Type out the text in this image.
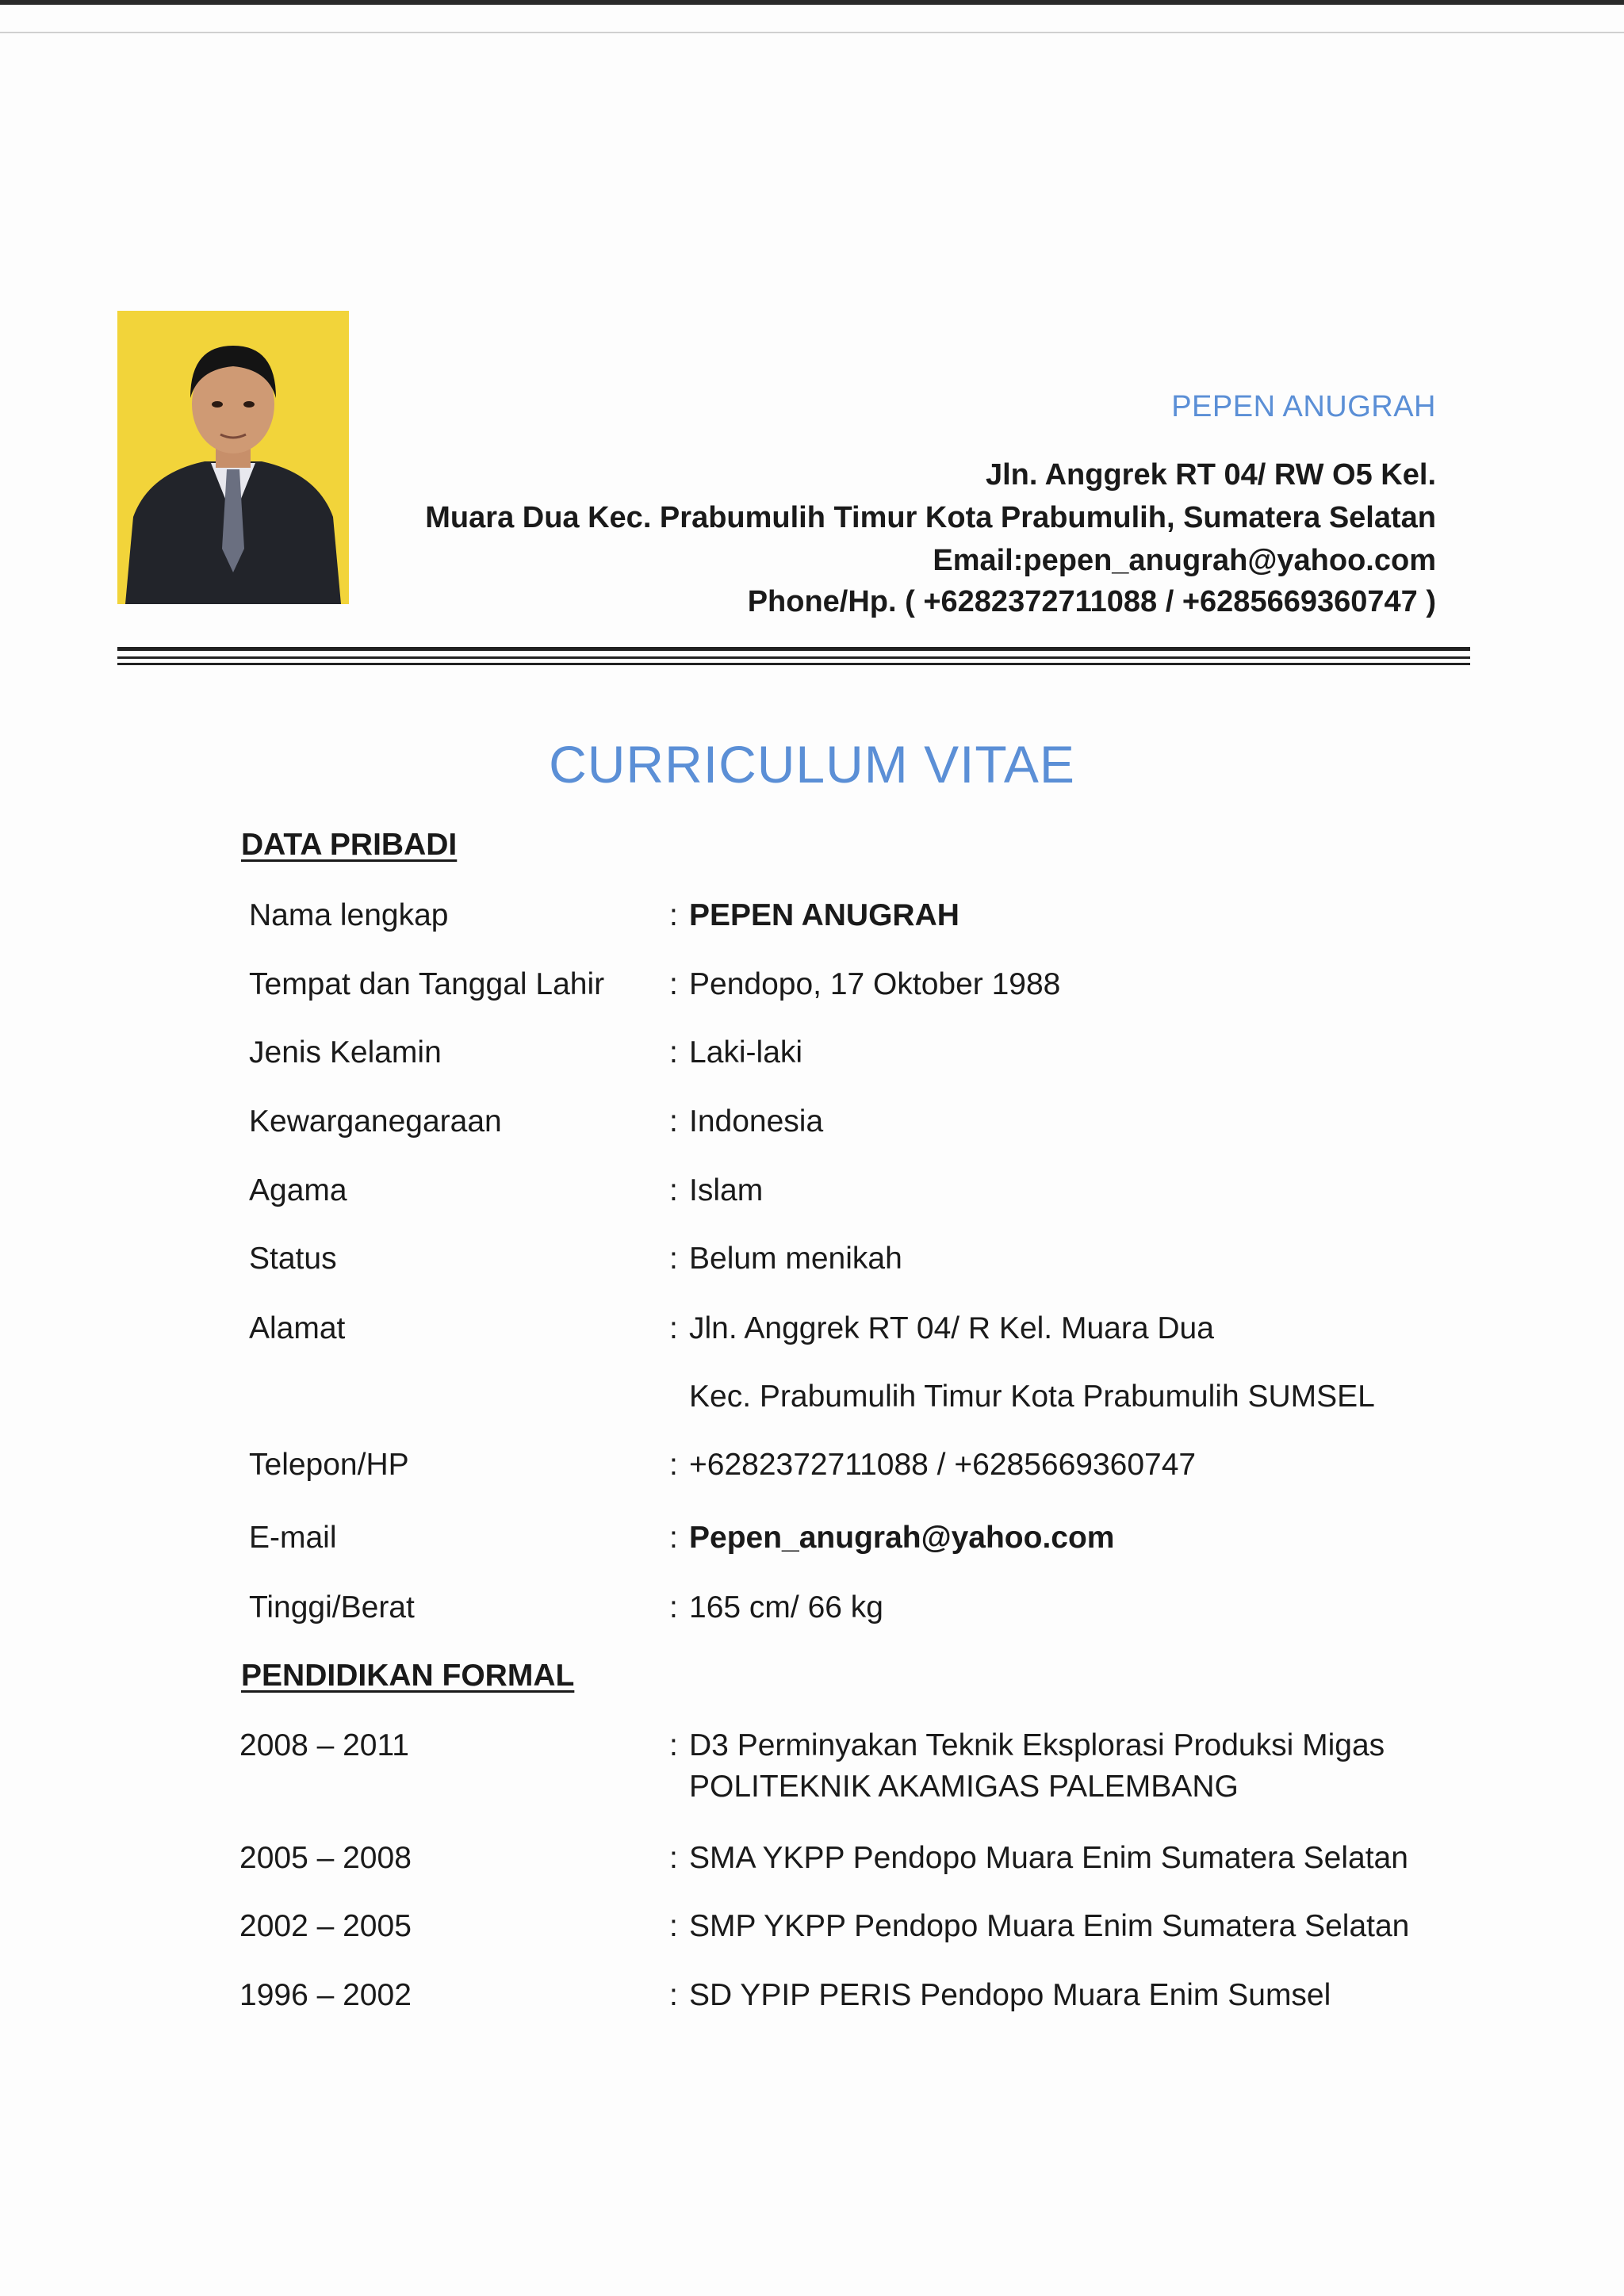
PEPEN ANUGRAH
Jln. Anggrek RT 04/ RW O5 Kel.
Muara Dua Kec. Prabumulih Timur Kota Prabumulih, Sumatera Selatan
Email:pepen_anugrah@yahoo.com
Phone/Hp. ( +6282372711088 / +6285669360747 )
CURRICULUM VITAE
DATA PRIBADI
Nama lengkap	: PEPEN ANUGRAH
Tempat dan Tanggal Lahir : Pendopo, 17 Oktober 1988
Jenis Kelamin	: Laki-laki
Kewarganegaraan	: Indonesia
Agama	: Islam
Status	: Belum menikah
Alamat	: Jln. Anggrek RT 04/ R Kel. Muara Dua
Kec. Prabumulih Timur Kota Prabumulih SUMSEL
Telepon/HP	: +6282372711088 / +6285669360747
E-mail	: Pepen_anugrah@yahoo.com
Tinggi/Berat	: 165 cm/ 66 kg
PENDIDIKAN FORMAL
2008 – 2011	: D3 Perminyakan Teknik Eksplorasi Produksi Migas
POLITEKNIK AKAMIGAS PALEMBANG
2005 – 2008	: SMA YKPP Pendopo Muara Enim Sumatera Selatan
2002 – 2005	: SMP YKPP Pendopo Muara Enim Sumatera Selatan
1996 – 2002	: SD YPIP PERIS Pendopo Muara Enim Sumsel
